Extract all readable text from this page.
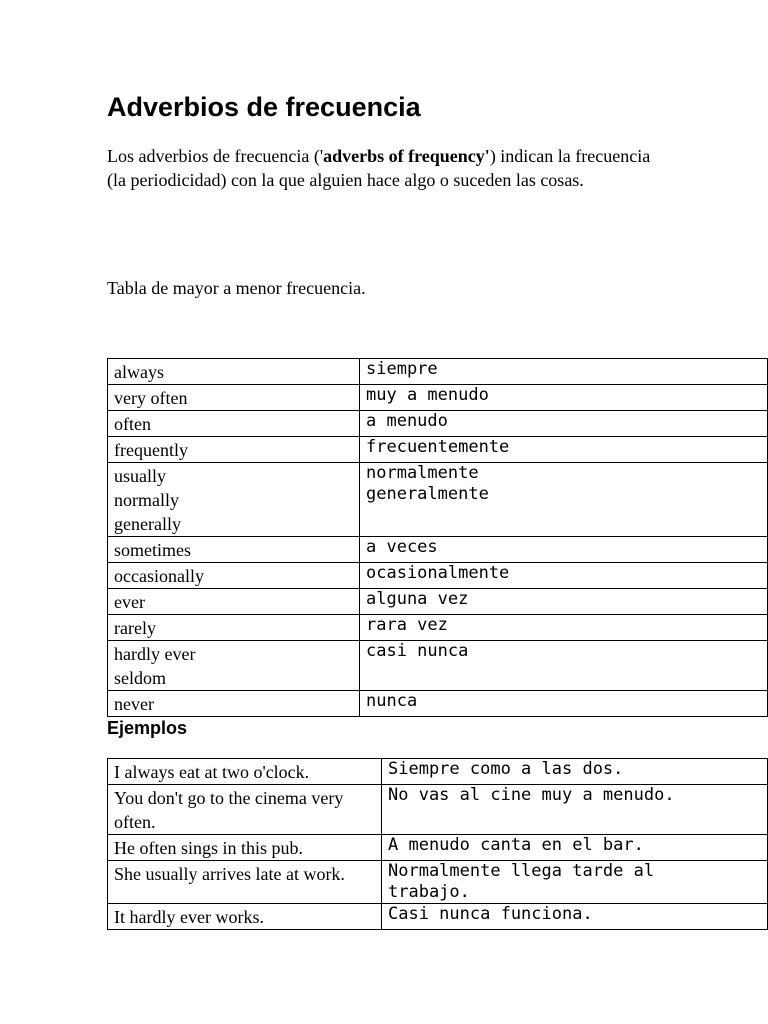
Adverbios de frecuencia

Los adverbios de frecuencia ('adverbs of frequency') indican la frecuencia (la periodicidad) con la que alguien hace algo o suceden las cosas.

Tabla de mayor a menor frecuencia.

always	siempre

very often	muy a menudo

often	a menudo

frequently	frecuentemente

usually
normally
generally	normalmente
generalmente

sometimes	a veces

occasionally	ocasionalmente

ever	alguna vez

rarely	rara vez

hardly ever
seldom	casi nunca

never	nunca
Ejemplos
I always eat at two o'clock.	Siempre como a las dos.

You don't go to the cinema very
often.	No vas al cine muy a menudo.

He often sings in this pub.	A menudo canta en el bar.

She usually arrives late at work.	Normalmente llega tarde al
trabajo.

It hardly ever works.	Casi nunca funciona.
